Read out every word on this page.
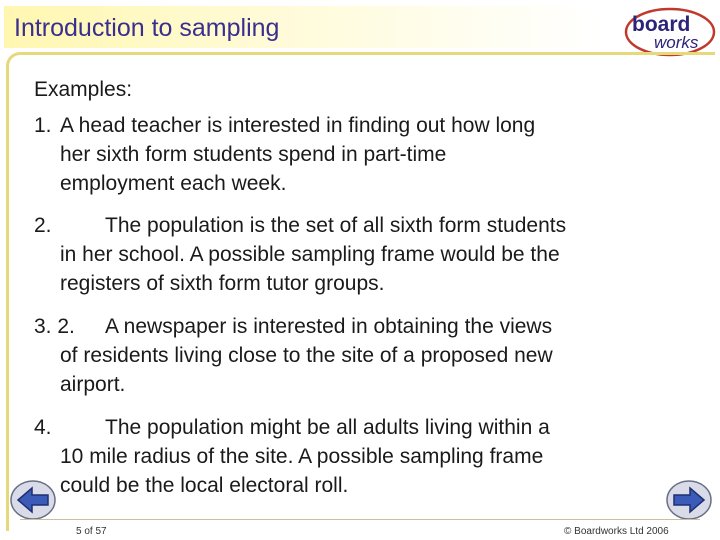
Introduction to sampling	board
works
Examples:
1. A head teacher is interested in finding out how long
her sixth form students spend in part-time
employment each week.
2.	The population is the set of all sixth form students
in her school. A possible sampling frame would be the
registers of sixth form tutor groups.
3. 2. A newspaper is interested in obtaining the views
of residents living close to the site of a proposed new
airport.
4.	The population might be all adults living within a
10 mile radius of the site. A possible sampling frame
could be the local electoral roll.
5 of 57	© Boardworks Ltd 2006
